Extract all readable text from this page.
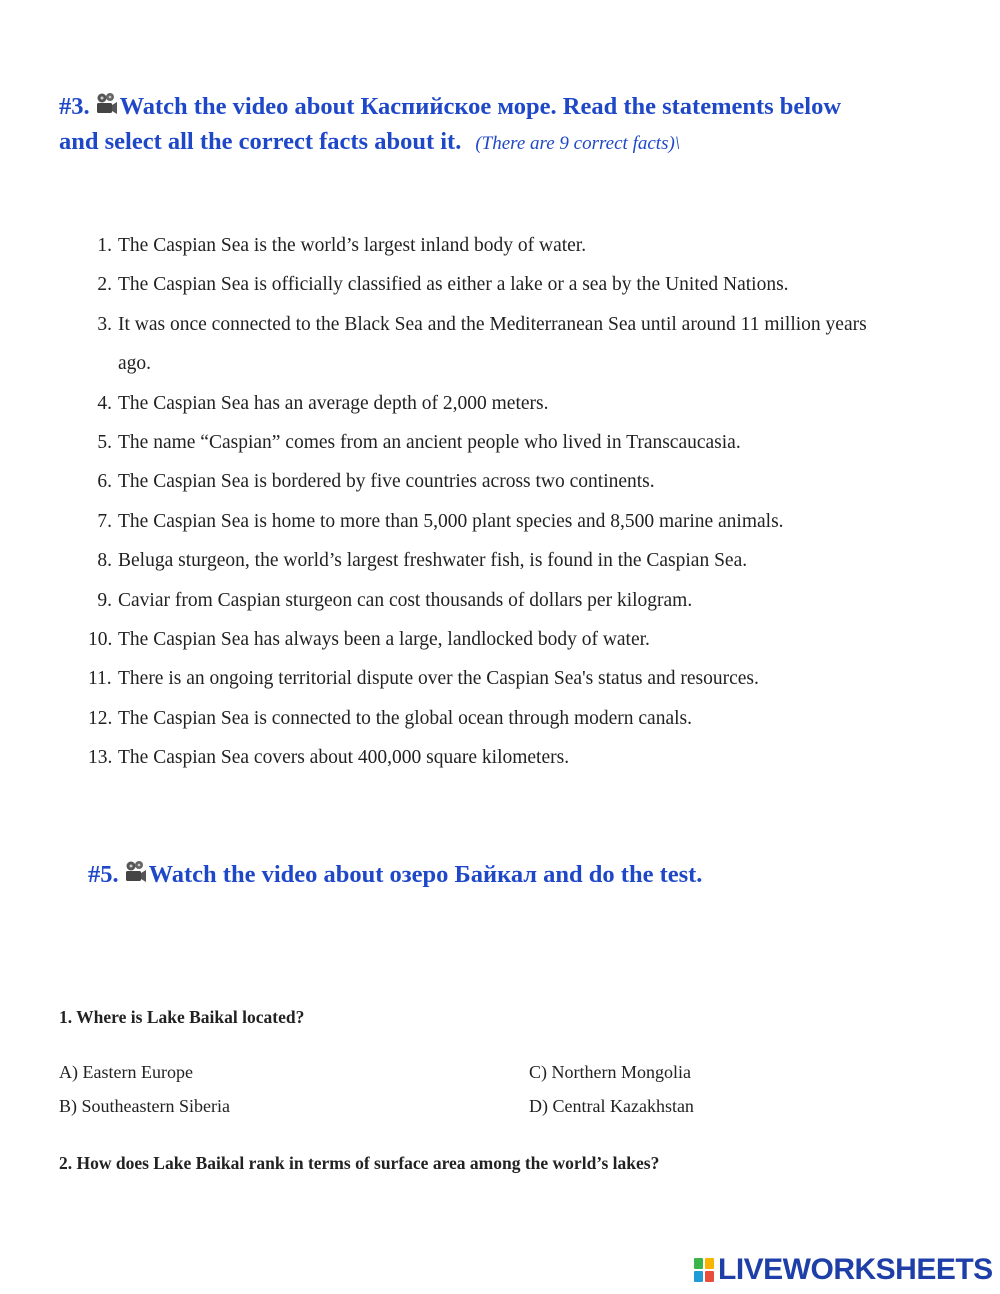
#3. Watch the video about Каспийское море. Read the statements below
and select all the correct facts about it. (There are 9 correct facts)\
1. The Caspian Sea is the world’s largest inland body of water.
2. The Caspian Sea is officially classified as either a lake or a sea by the United Nations.
3. It was once connected to the Black Sea and the Mediterranean Sea until around 11 million years ago.
4. The Caspian Sea has an average depth of 2,000 meters.
5. The name “Caspian” comes from an ancient people who lived in Transcaucasia.
6. The Caspian Sea is bordered by five countries across two continents.
7. The Caspian Sea is home to more than 5,000 plant species and 8,500 marine animals.
8. Beluga sturgeon, the world’s largest freshwater fish, is found in the Caspian Sea.
9. Caviar from Caspian sturgeon can cost thousands of dollars per kilogram.
10. The Caspian Sea has always been a large, landlocked body of water.
11. There is an ongoing territorial dispute over the Caspian Sea's status and resources.
12. The Caspian Sea is connected to the global ocean through modern canals.
13. The Caspian Sea covers about 400,000 square kilometers.
#5. Watch the video about озеро Байкал and do the test.
1. Where is Lake Baikal located?
A) Eastern Europe
B) Southeastern Siberia
C) Northern Mongolia
D) Central Kazakhstan
2. How does Lake Baikal rank in terms of surface area among the world’s lakes?
LIVEWORKSHEETS
